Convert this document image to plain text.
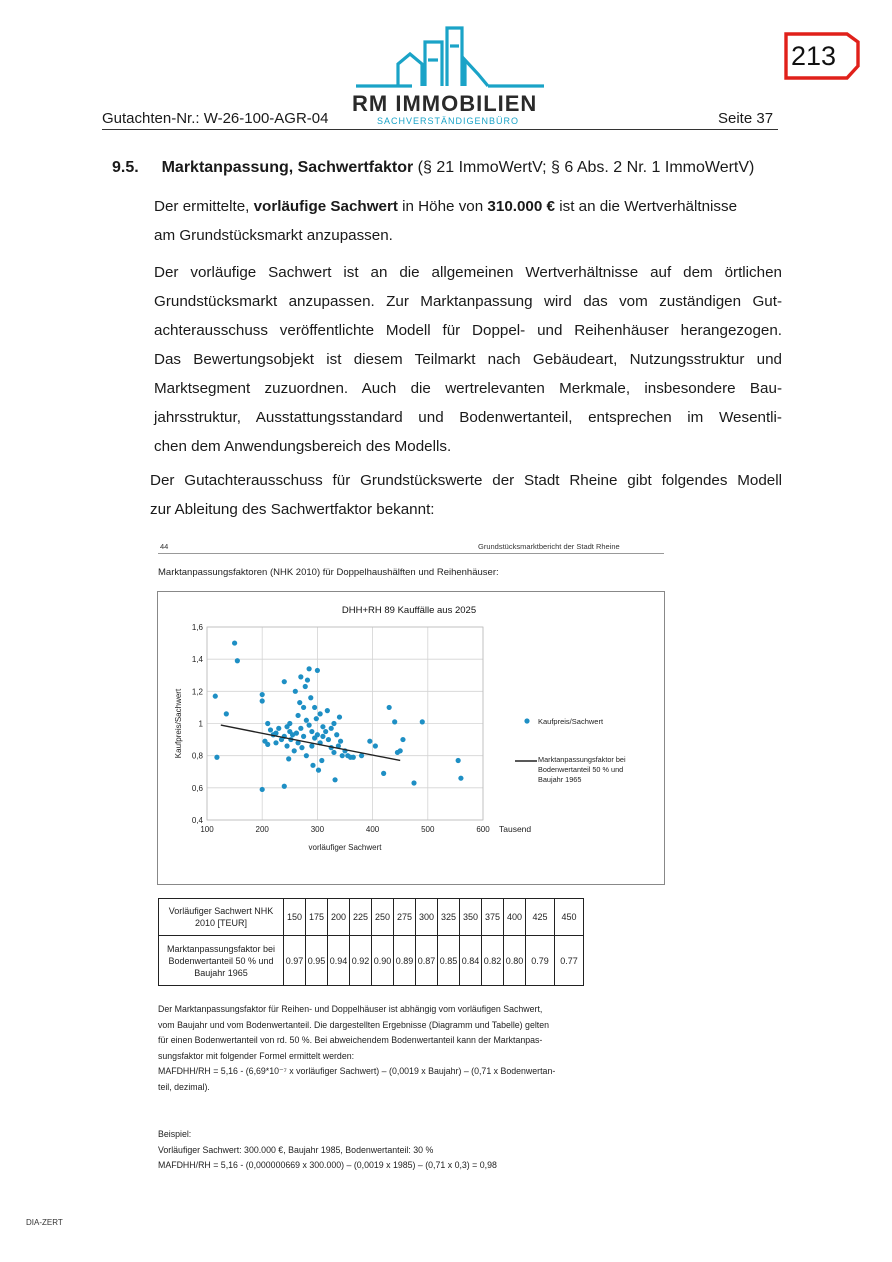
Gutachten-Nr.: W-26-100-AGR-04	Seite 37
RM IMMOBILIEN
SACHVERSTÄNDIGENBÜRO
213
9.5. Marktanpassung, Sachwertfaktor (§ 21 ImmoWertV; § 6 Abs. 2 Nr. 1 ImmoWertV)
Der ermittelte, vorläufige Sachwert in Höhe von 310.000 € ist an die Wertverhältnisse
am Grundstücksmarkt anzupassen.
Der vorläufige Sachwert ist an die allgemeinen Wertverhältnisse auf dem örtlichen
Grundstücksmarkt anzupassen. Zur Marktanpassung wird das vom zuständigen Gut-
achterausschuss veröffentlichte Modell für Doppel- und Reihenhäuser herangezogen.
Das Bewertungsobjekt ist diesem Teilmarkt nach Gebäudeart, Nutzungsstruktur und
Marktsegment zuzuordnen. Auch die wertrelevanten Merkmale, insbesondere Bau-
jahrsstruktur, Ausstattungsstandard und Bodenwertanteil, entsprechen im Wesentli-
chen dem Anwendungsbereich des Modells.
Der Gutachterausschuss für Grundstückswerte der Stadt Rheine gibt folgendes Modell
zur Ableitung des Sachwertfaktor bekannt:
44	Grundstücksmarktbericht der Stadt Rheine
Marktanpassungsfaktoren (NHK 2010) für Doppelhaushälften und Reihenhäuser:
DHH+RH 89 Kauffälle aus 2025
100	200	300	400	500	600
0,4
0,6
0,8
1
1,2
1,4
1,6
Tausend
vorläufiger Sachwert
Kaufpreis/Sachwert	Kaufpreis/Sachwert
Marktanpassungsfaktor bei Bodenwertanteil 50 % und Baujahr 1965
Vorläufiger Sachwert NHK 2010 [TEUR]	150	175	200	225	250	275	300	325	350	375	400	425	450
Marktanpassungsfaktor bei Bodenwertanteil 50 % und Baujahr 1965	0.97	0.95	0.94	0.92	0.90	0.89	0.87	0.85	0.84	0.82	0.80	0.79	0.77
Der Marktanpassungsfaktor für Reihen- und Doppelhäuser ist abhängig vom vorläufigen Sachwert,
vom Baujahr und vom Bodenwertanteil. Die dargestellten Ergebnisse (Diagramm und Tabelle) gelten
für einen Bodenwertanteil von rd. 50 %. Bei abweichendem Bodenwertanteil kann der Marktanpas-
sungsfaktor mit folgender Formel ermittelt werden:
MAFDHH/RH = 5,16 - (6,69*10⁻⁷ x vorläufiger Sachwert) – (0,0019 x Baujahr) – (0,71 x Bodenwertan-
teil, dezimal).
Beispiel:
Vorläufiger Sachwert: 300.000 €, Baujahr 1985, Bodenwertanteil: 30 %
MAFDHH/RH = 5,16 - (0,000000669 x 300.000) – (0,0019 x 1985) – (0,71 x 0,3) = 0,98
DIA-ZERT
